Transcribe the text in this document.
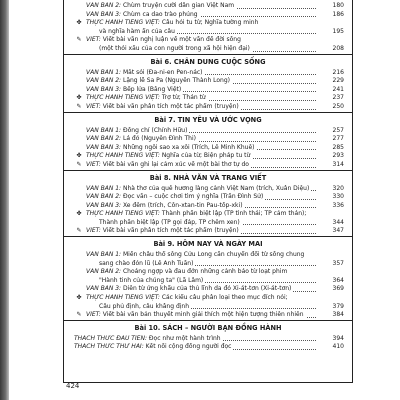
VĂN BẢN 2: Chùm truyện cười dân gian Việt Nam	180
VĂN BẢN 3: Chùm ca dao trào phúng	186
✤ THỰC HÀNH TIẾNG VIỆT: Câu hỏi tu từ; Nghĩa tường minh
và nghĩa hàm ẩn của câu	195
✎ VIẾT: Viết bài văn nghị luận về một vấn đề đời sống
(một thói xấu của con người trong xã hội hiện đại)	208
Bài 6. CHÂN DUNG CUỘC SỐNG
VĂN BẢN 1: Mắt sói (Đa-ni-en Pen-nác)	216
VĂN BẢN 2: Lặng lẽ Sa Pa (Nguyễn Thành Long)	229
VĂN BẢN 3: Bếp lửa (Bằng Việt)	241
✤ THỰC HÀNH TIẾNG VIỆT: Trợ từ; Thán từ	237
✎ VIẾT: Viết bài văn phân tích một tác phẩm (truyện)	250
Bài 7. TIN YÊU VÀ ƯỚC VỌNG
VĂN BẢN 1: Đồng chí (Chính Hữu)	257
VĂN BẢN 2: Lá đỏ (Nguyễn Đình Thi)	277
VĂN BẢN 3: Những ngôi sao xa xôi (Trích, Lê Minh Khuê)	285
✤ THỰC HÀNH TIẾNG VIỆT: Nghĩa của từ; Biện pháp tu từ	293
✎ VIẾT: Viết bài văn ghi lại cảm xúc về một bài thơ tự do	314
Bài 8. NHÀ VĂN VÀ TRANG VIẾT
VĂN BẢN 1: Nhà thơ của quê hương làng cảnh Việt Nam (trích, Xuân Diệu)	320
VĂN BẢN 2: Đọc văn – cuộc chơi tìm ý nghĩa (Trần Đình Sử)	330
VĂN BẢN 3: Xe đêm (trích, Côn-xtan-tin Pau-tốp-xki)	336
✤ THỰC HÀNH TIẾNG VIỆT: Thành phần biệt lập (TP tình thái; TP cảm thán);
Thành phần biệt lập (TP gọi đáp, TP chêm xen)	344
✎ VIẾT: Viết bài văn phân tích một tác phẩm (truyện)	347
Bài 9. HÔM NAY VÀ NGÀY MAI
VĂN BẢN 1: Miền châu thổ sông Cửu Long cần chuyển đổi từ sống chung
sang chào đón lũ (Lê Anh Tuấn)	357
VĂN BẢN 2: Choáng ngợp và đau đớn những cảnh báo từ loạt phim
"Hành tinh của chúng ta" (Lã Lâm)	364
VĂN BẢN 3: Diễn từ ứng khẩu của thủ lĩnh da đỏ Xi-át-tơn (Xi-át-tơn)	369
✤ THỰC HÀNH TIẾNG VIỆT: Các kiểu câu phân loại theo mục đích nói;
Câu phủ định, câu khẳng định	379
✎ VIẾT: Viết bài văn bản thuyết minh giải thích một hiện tượng thiên nhiên	384
Bài 10. SÁCH – NGƯỜI BẠN ĐỒNG HÀNH
THÁCH THỨC ĐẦU TIÊN: Đọc như một hành trình	394
THÁCH THỨC THỨ HAI: Kết nối cộng đồng người đọc	410
424
